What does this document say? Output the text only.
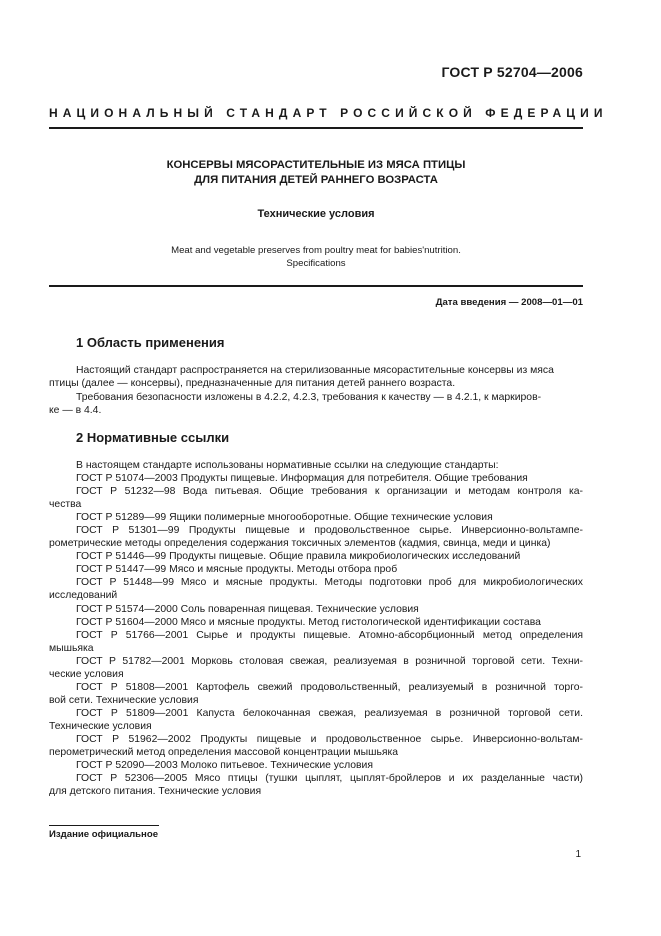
ГОСТ Р 52704—2006
НАЦИОНАЛЬНЫЙ СТАНДАРТ РОССИЙСКОЙ ФЕДЕРАЦИИ
КОНСЕРВЫ МЯСОРАСТИТЕЛЬНЫЕ ИЗ МЯСА ПТИЦЫ
ДЛЯ ПИТАНИЯ ДЕТЕЙ РАННЕГО ВОЗРАСТА
Технические условия
Meat and vegetable preserves from poultry meat for babies'nutrition.
Specifications
Дата введения — 2008—01—01
1 Область применения
Настоящий стандарт распространяется на стерилизованные мясорастительные консервы из мяса
птицы (далее — консервы), предназначенные для питания детей раннего возраста.
Требования безопасности изложены в 4.2.2, 4.2.3, требования к качеству — в 4.2.1, к маркиров-
ке — в 4.4.
2 Нормативные ссылки
В настоящем стандарте использованы нормативные ссылки на следующие стандарты:
ГОСТ Р 51074—2003 Продукты пищевые. Информация для потребителя. Общие требования
ГОСТ Р 51232—98 Вода питьевая. Общие требования к организации и методам контроля ка-
чества
ГОСТ Р 51289—99 Ящики полимерные многооборотные. Общие технические условия
ГОСТ Р 51301—99 Продукты пищевые и продовольственное сырье. Инверсионно-вольтампе-
рометрические методы определения содержания токсичных элементов (кадмия, свинца, меди и цинка)
ГОСТ Р 51446—99 Продукты пищевые. Общие правила микробиологических исследований
ГОСТ Р 51447—99 Мясо и мясные продукты. Методы отбора проб
ГОСТ Р 51448—99 Мясо и мясные продукты. Методы подготовки проб для микробиологических
исследований
ГОСТ Р 51574—2000 Соль поваренная пищевая. Технические условия
ГОСТ Р 51604—2000 Мясо и мясные продукты. Метод гистологической идентификации состава
ГОСТ Р 51766—2001 Сырье и продукты пищевые. Атомно-абсорбционный метод определения
мышьяка
ГОСТ Р 51782—2001 Морковь столовая свежая, реализуемая в розничной торговой сети. Техни-
ческие условия
ГОСТ Р 51808—2001 Картофель свежий продовольственный, реализуемый в розничной торго-
вой сети. Технические условия
ГОСТ Р 51809—2001 Капуста белокочанная свежая, реализуемая в розничной торговой сети.
Технические условия
ГОСТ Р 51962—2002 Продукты пищевые и продовольственное сырье. Инверсионно-вольтам-
перометрический метод определения массовой концентрации мышьяка
ГОСТ Р 52090—2003 Молоко питьевое. Технические условия
ГОСТ Р 52306—2005 Мясо птицы (тушки цыплят, цыплят-бройлеров и их разделанные части)
для детского питания. Технические условия
Издание официальное
1
